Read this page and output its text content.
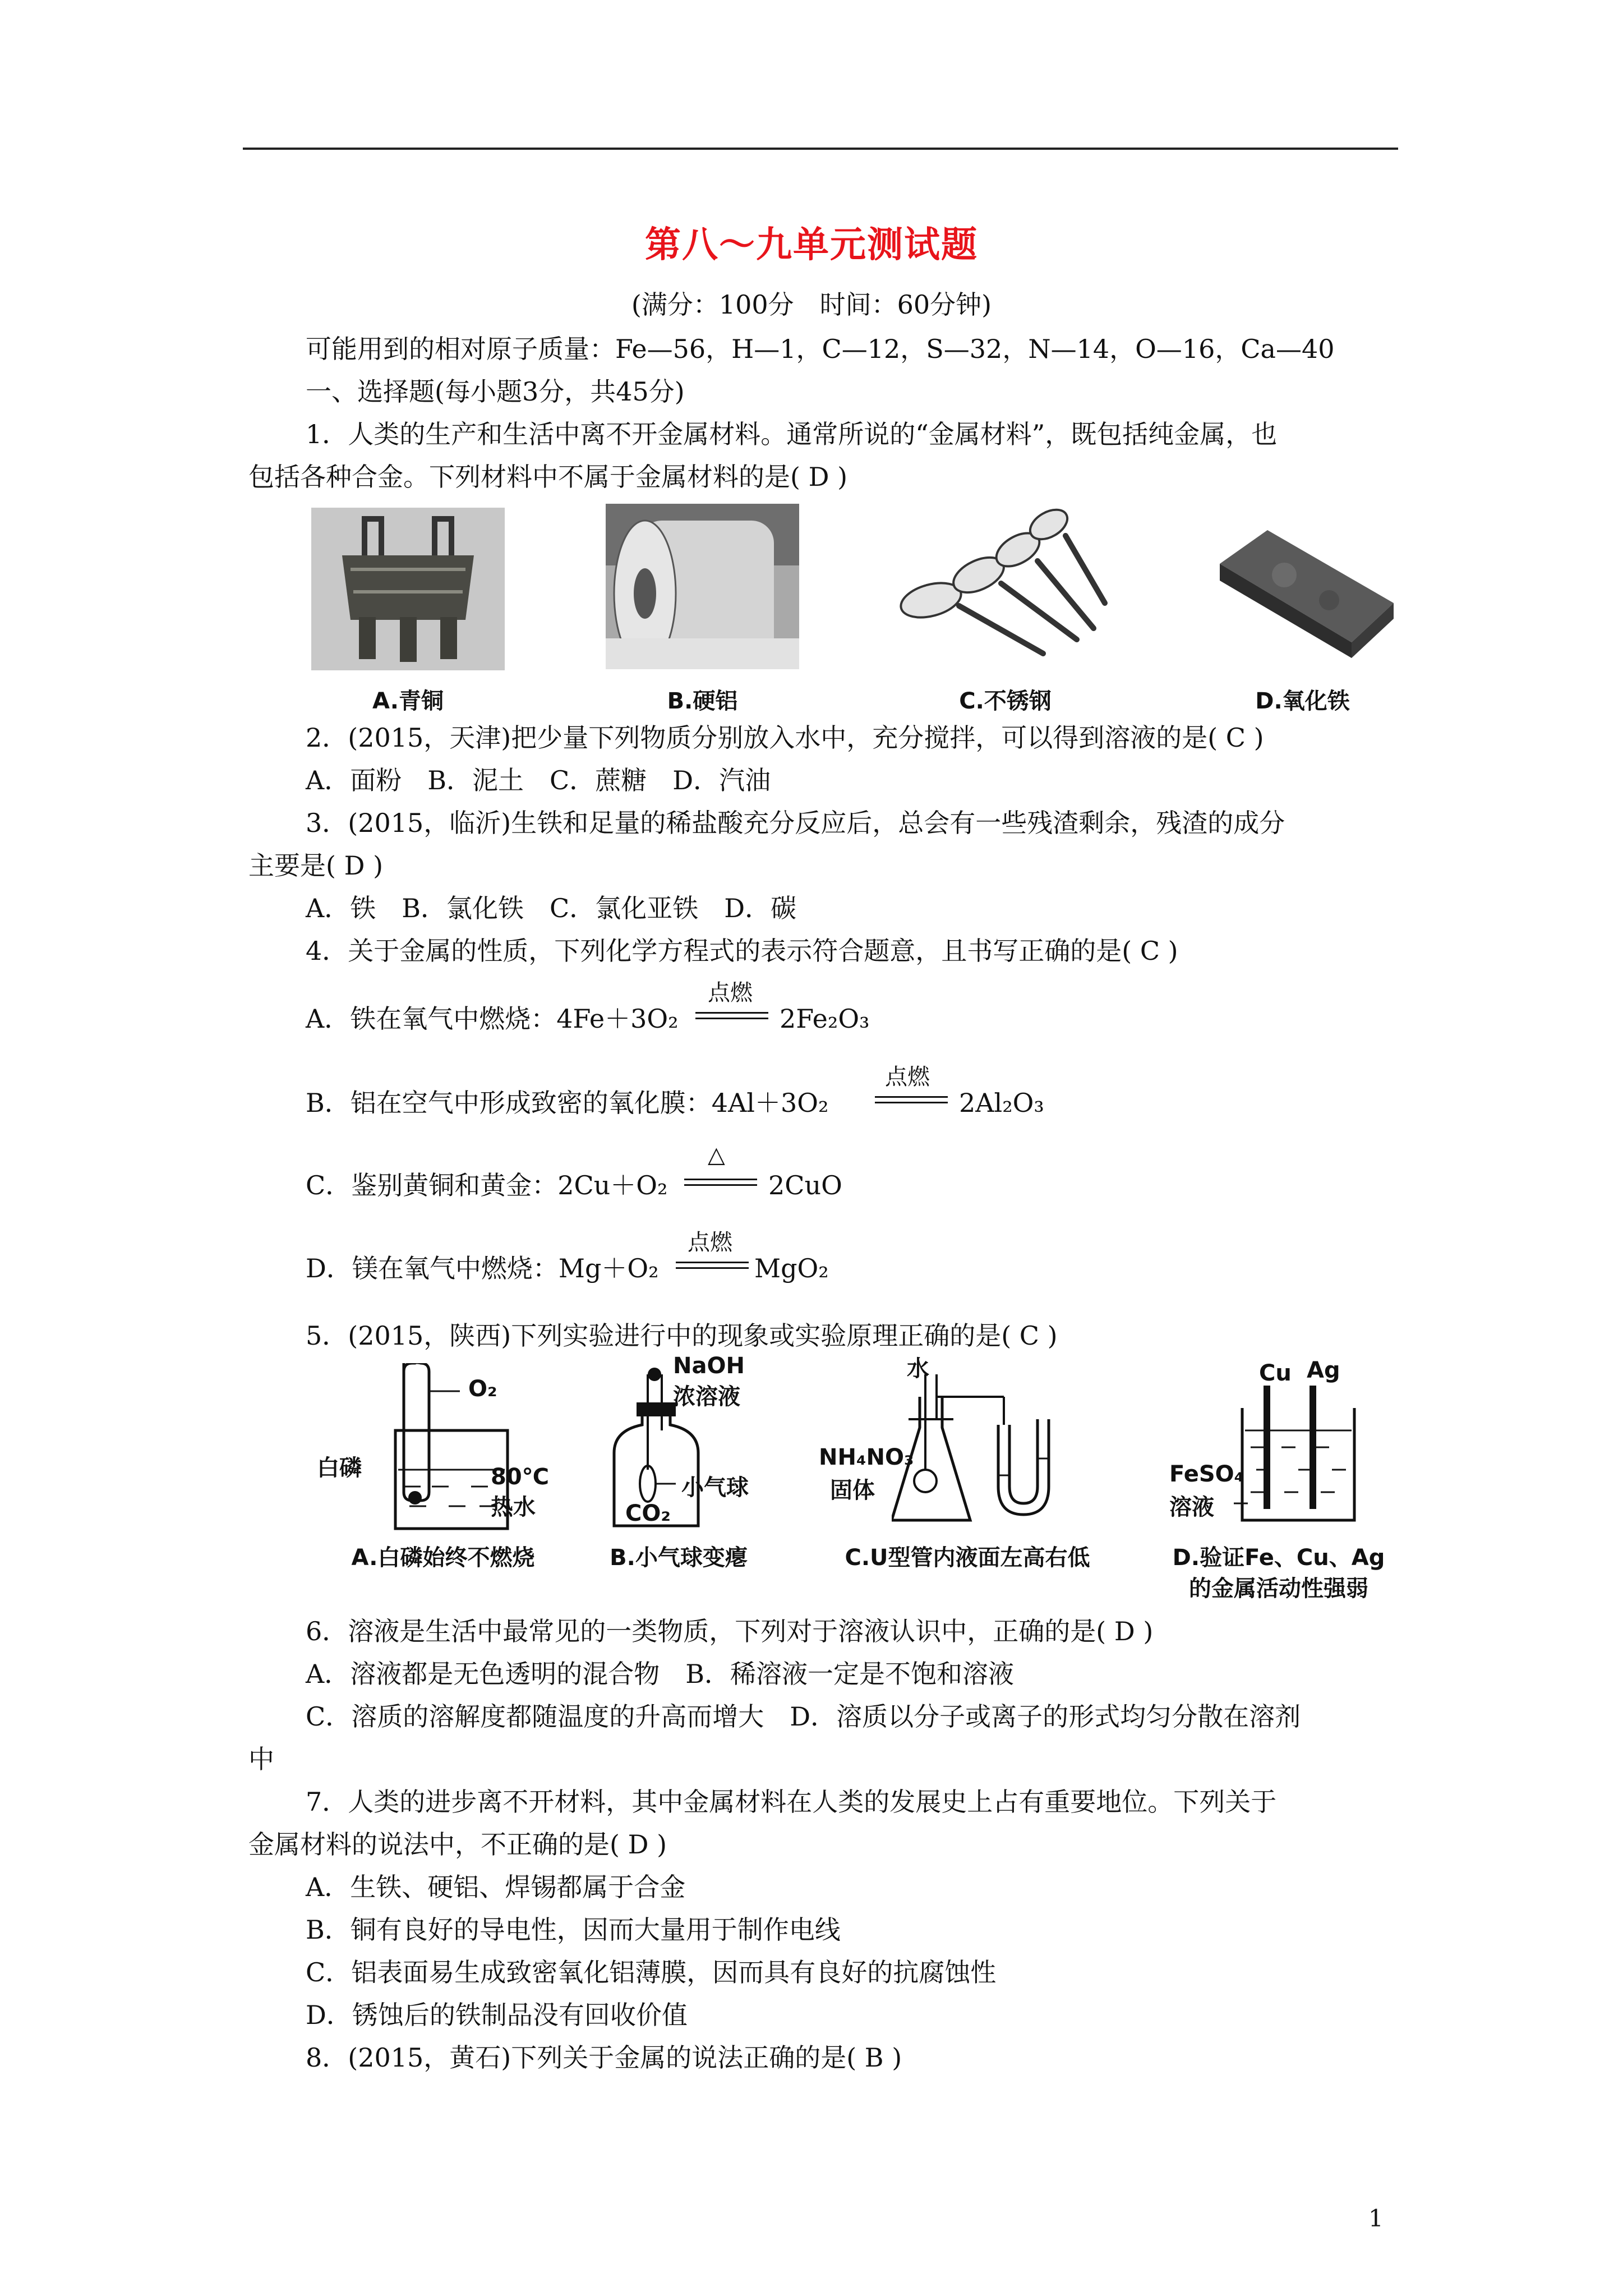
第八～九单元测试题
(满分：100分　时间：60分钟)
可能用到的相对原子质量：Fe—56，H—1，C—12，S—32，N—14，O—16，Ca—40
一、选择题(每小题3分，共45分)
1．人类的生产和生活中离不开金属材料。通常所说的“金属材料”，既包括纯金属，也
包括各种合金。下列材料中不属于金属材料的是( D )
A.青铜	B.硬铝	C.不锈钢	D.氧化铁
2．(2015，天津)把少量下列物质分别放入水中，充分搅拌，可以得到溶液的是( C )
A．面粉　B．泥土　C．蔗糖　D．汽油
3．(2015，临沂)生铁和足量的稀盐酸充分反应后，总会有一些残渣剩余，残渣的成分
主要是( D )
A．铁　B．氯化铁　C．氯化亚铁　D．碳
4．关于金属的性质，下列化学方程式的表示符合题意，且书写正确的是( C )
A．铁在氧气中燃烧：4Fe＋3O₂
点燃
2Fe₂O₃
B．铝在空气中形成致密的氧化膜：4Al＋3O₂
点燃
2Al₂O₃
C．鉴别黄铜和黄金：2Cu＋O₂
△
2CuO
D．镁在氧气中燃烧：Mg＋O₂
点燃
MgO₂
5．(2015，陕西)下列实验进行中的现象或实验原理正确的是( C )
O₂
白磷	80℃
热水
A.白磷始终不燃烧
NaOH
浓溶液
小气球
CO₂
B.小气球变瘪
水
NH₄NO₃
固体
C.U型管内液面左高右低
Cu Ag
FeSO₄
溶液
D.验证Fe、Cu、Ag
的金属活动性强弱
6．溶液是生活中最常见的一类物质，下列对于溶液认识中，正确的是( D )
A．溶液都是无色透明的混合物　B．稀溶液一定是不饱和溶液
C．溶质的溶解度都随温度的升高而增大　D．溶质以分子或离子的形式均匀分散在溶剂
中
7．人类的进步离不开材料，其中金属材料在人类的发展史上占有重要地位。下列关于
金属材料的说法中，不正确的是( D )
A．生铁、硬铝、焊锡都属于合金
B．铜有良好的导电性，因而大量用于制作电线
C．铝表面易生成致密氧化铝薄膜，因而具有良好的抗腐蚀性
D．锈蚀后的铁制品没有回收价值
8．(2015，黄石)下列关于金属的说法正确的是( B )
1
